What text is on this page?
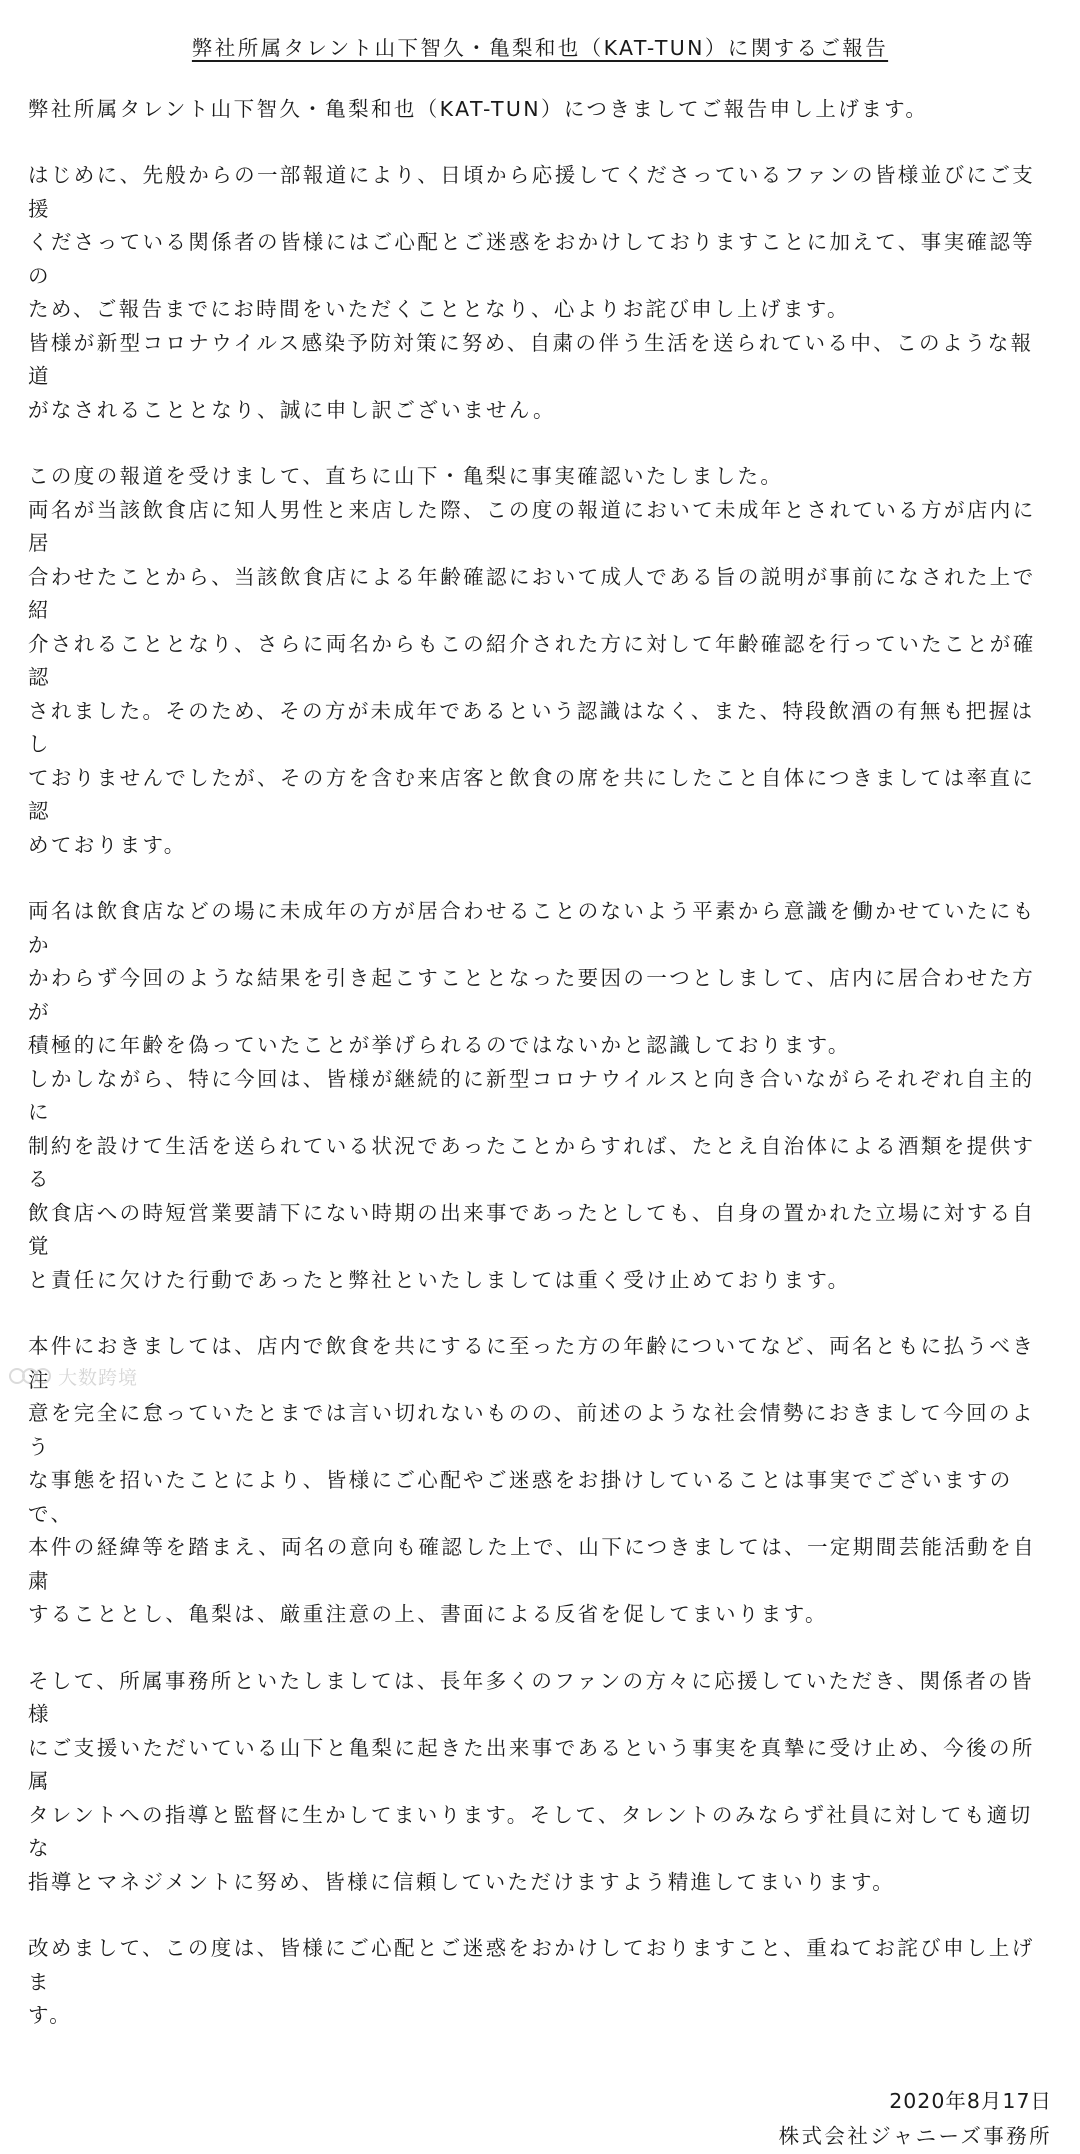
弊社所属タレント山下智久・亀梨和也（KAT-TUN）に関するご報告

弊社所属タレント山下智久・亀梨和也（KAT-TUN）につきましてご報告申し上げます。

はじめに、先般からの一部報道により、日頃から応援してくださっているファンの皆様並びにご支援
くださっている関係者の皆様にはご心配とご迷惑をおかけしておりますことに加えて、事実確認等の
ため、ご報告までにお時間をいただくこととなり、心よりお詫び申し上げます。
皆様が新型コロナウイルス感染予防対策に努め、自粛の伴う生活を送られている中、このような報道
がなされることとなり、誠に申し訳ございません。

この度の報道を受けまして、直ちに山下・亀梨に事実確認いたしました。
両名が当該飲食店に知人男性と来店した際、この度の報道において未成年とされている方が店内に居
合わせたことから、当該飲食店による年齢確認において成人である旨の説明が事前になされた上で紹
介されることとなり、さらに両名からもこの紹介された方に対して年齢確認を行っていたことが確認
されました。そのため、その方が未成年であるという認識はなく、また、特段飲酒の有無も把握はし
ておりませんでしたが、その方を含む来店客と飲食の席を共にしたこと自体につきましては率直に認
めております。

両名は飲食店などの場に未成年の方が居合わせることのないよう平素から意識を働かせていたにもか
かわらず今回のような結果を引き起こすこととなった要因の一つとしまして、店内に居合わせた方が
積極的に年齢を偽っていたことが挙げられるのではないかと認識しております。
しかしながら、特に今回は、皆様が継続的に新型コロナウイルスと向き合いながらそれぞれ自主的に
制約を設けて生活を送られている状況であったことからすれば、たとえ自治体による酒類を提供する
飲食店への時短営業要請下にない時期の出来事であったとしても、自身の置かれた立場に対する自覚
と責任に欠けた行動であったと弊社といたしましては重く受け止めております。

本件におきましては、店内で飲食を共にするに至った方の年齢についてなど、両名ともに払うべき注
意を完全に怠っていたとまでは言い切れないものの、前述のような社会情勢におきまして今回のよう
な事態を招いたことにより、皆様にご心配やご迷惑をお掛けしていることは事実でございますので、
本件の経緯等を踏まえ、両名の意向も確認した上で、山下につきましては、一定期間芸能活動を自粛
することとし、亀梨は、厳重注意の上、書面による反省を促してまいります。

そして、所属事務所といたしましては、長年多くのファンの方々に応援していただき、関係者の皆様
にご支援いただいている山下と亀梨に起きた出来事であるという事実を真摯に受け止め、今後の所属
タレントへの指導と監督に生かしてまいります。そして、タレントのみならず社員に対しても適切な
指導とマネジメントに努め、皆様に信頼していただけますよう精進してまいります。

改めまして、この度は、皆様にご心配とご迷惑をおかけしておりますこと、重ねてお詫び申し上げま
す。

2020年8月17日

株式会社ジャニーズ事務所

大数跨境
